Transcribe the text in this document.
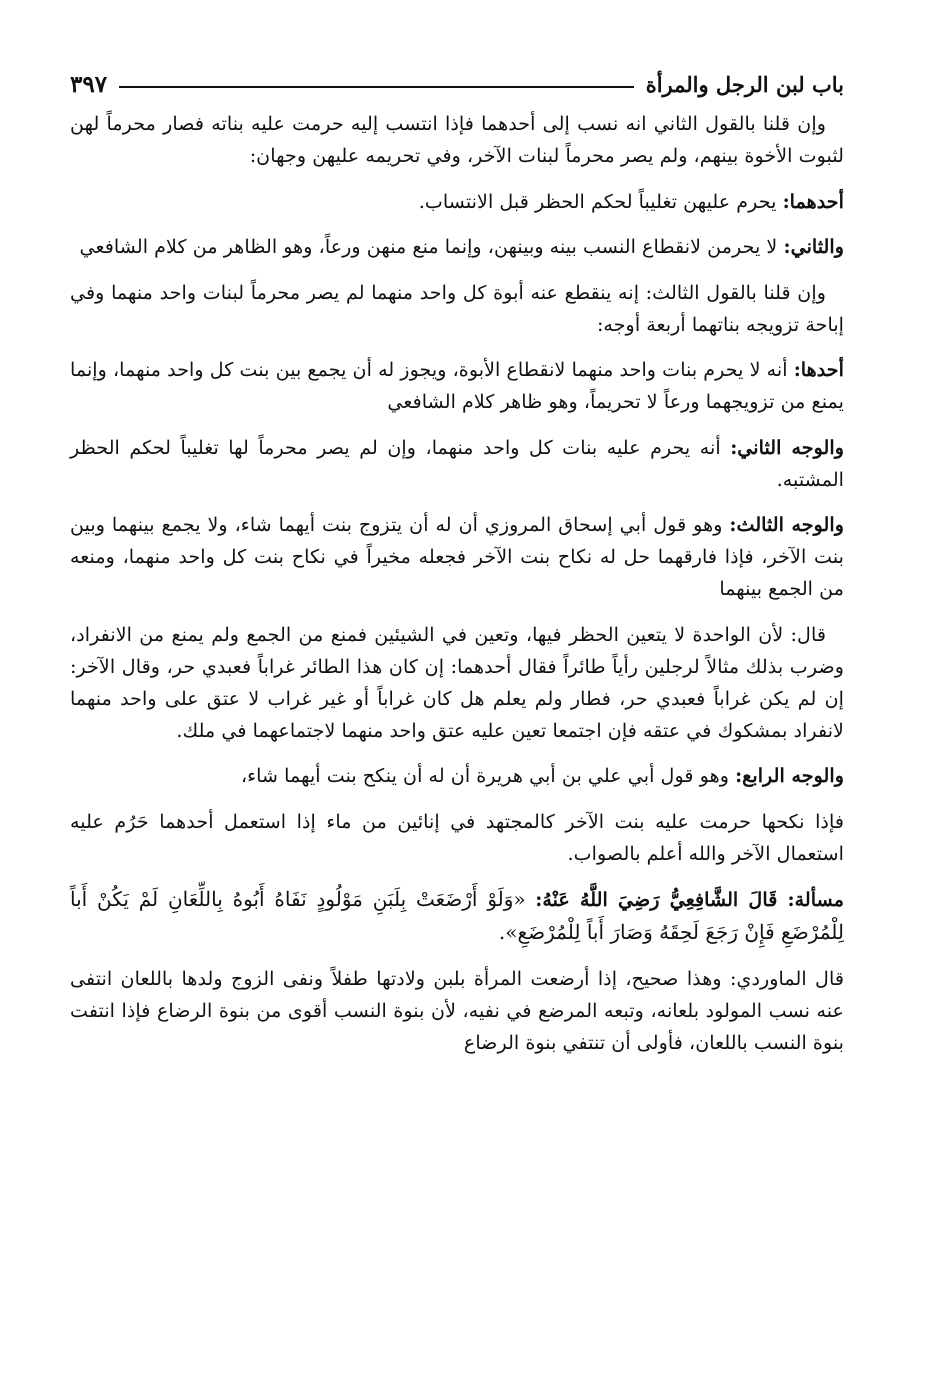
باب لبن الرجل والمرأة
٣٩٧

وإن قلنا بالقول الثاني انه نسب إلى أحدهما فإذا انتسب إليه حرمت عليه بناته فصار محرماً لهن لثبوت الأخوة بينهم، ولم يصر محرماً لبنات الآخر، وفي تحريمه عليهن وجهان:

أحدهما: يحرم عليهن تغليباً لحكم الحظر قبل الانتساب.

والثاني: لا يحرمن لانقطاع النسب بينه وبينهن، وإنما منع منهن ورعاً، وهو الظاهر من كلام الشافعي

وإن قلنا بالقول الثالث: إنه ينقطع عنه أبوة كل واحد منهما لم يصر محرماً لبنات واحد منهما وفي إباحة تزويجه بناتهما أربعة أوجه:

أحدها: أنه لا يحرم بنات واحد منهما لانقطاع الأبوة، ويجوز له أن يجمع بين بنت كل واحد منهما، وإنما يمنع من تزويجهما ورعاً لا تحريماً، وهو ظاهر كلام الشافعي

والوجه الثاني: أنه يحرم عليه بنات كل واحد منهما، وإن لم يصر محرماً لها تغليباً لحكم الحظر المشتبه.

والوجه الثالث: وهو قول أبي إسحاق المروزي أن له أن يتزوج بنت أيهما شاء، ولا يجمع بينهما وبين بنت الآخر، فإذا فارقهما حل له نكاح بنت الآخر فجعله مخيراً في نكاح بنت كل واحد منهما، ومنعه من الجمع بينهما

قال: لأن الواحدة لا يتعين الحظر فيها، وتعين في الشيئين فمنع من الجمع ولم يمنع من الانفراد، وضرب بذلك مثالاً لرجلين رأياً طائراً فقال أحدهما: إن كان هذا الطائر غراباً فعبدي حر، وقال الآخر: إن لم يكن غراباً فعبدي حر، فطار ولم يعلم هل كان غراباً أو غير غراب لا عتق على واحد منهما لانفراد بمشكوك في عتقه فإن اجتمعا تعين عليه عتق واحد منهما لاجتماعهما في ملك.

والوجه الرابع: وهو قول أبي علي بن أبي هريرة أن له أن ينكح بنت أيهما شاء،

فإذا نكحها حرمت عليه بنت الآخر كالمجتهد في إنائين من ماء إذا استعمل أحدهما حَرُم عليه استعمال الآخر والله أعلم بالصواب.

مسألة: قَالَ الشَّافِعِيُّ رَضِيَ اللَّهُ عَنْهُ: «وَلَوْ أَرْضَعَتْ بِلَبَنِ مَوْلُودٍ نَفَاهُ أَبُوهُ بِاللِّعَانِ لَمْ يَكُنْ أَباً لِلْمُرْضَعِ فَإِنْ رَجَعَ لَحِقَهُ وَصَارَ أَباً لِلْمُرْضَعِ».

قال الماوردي: وهذا صحيح، إذا أرضعت المرأة بلبن ولادتها طفلاً ونفى الزوج ولدها باللعان انتفى عنه نسب المولود بلعانه، وتبعه المرضع في نفيه، لأن بنوة النسب أقوى من بنوة الرضاع فإذا انتفت بنوة النسب باللعان، فأولى أن تنتفي بنوة الرضاع
